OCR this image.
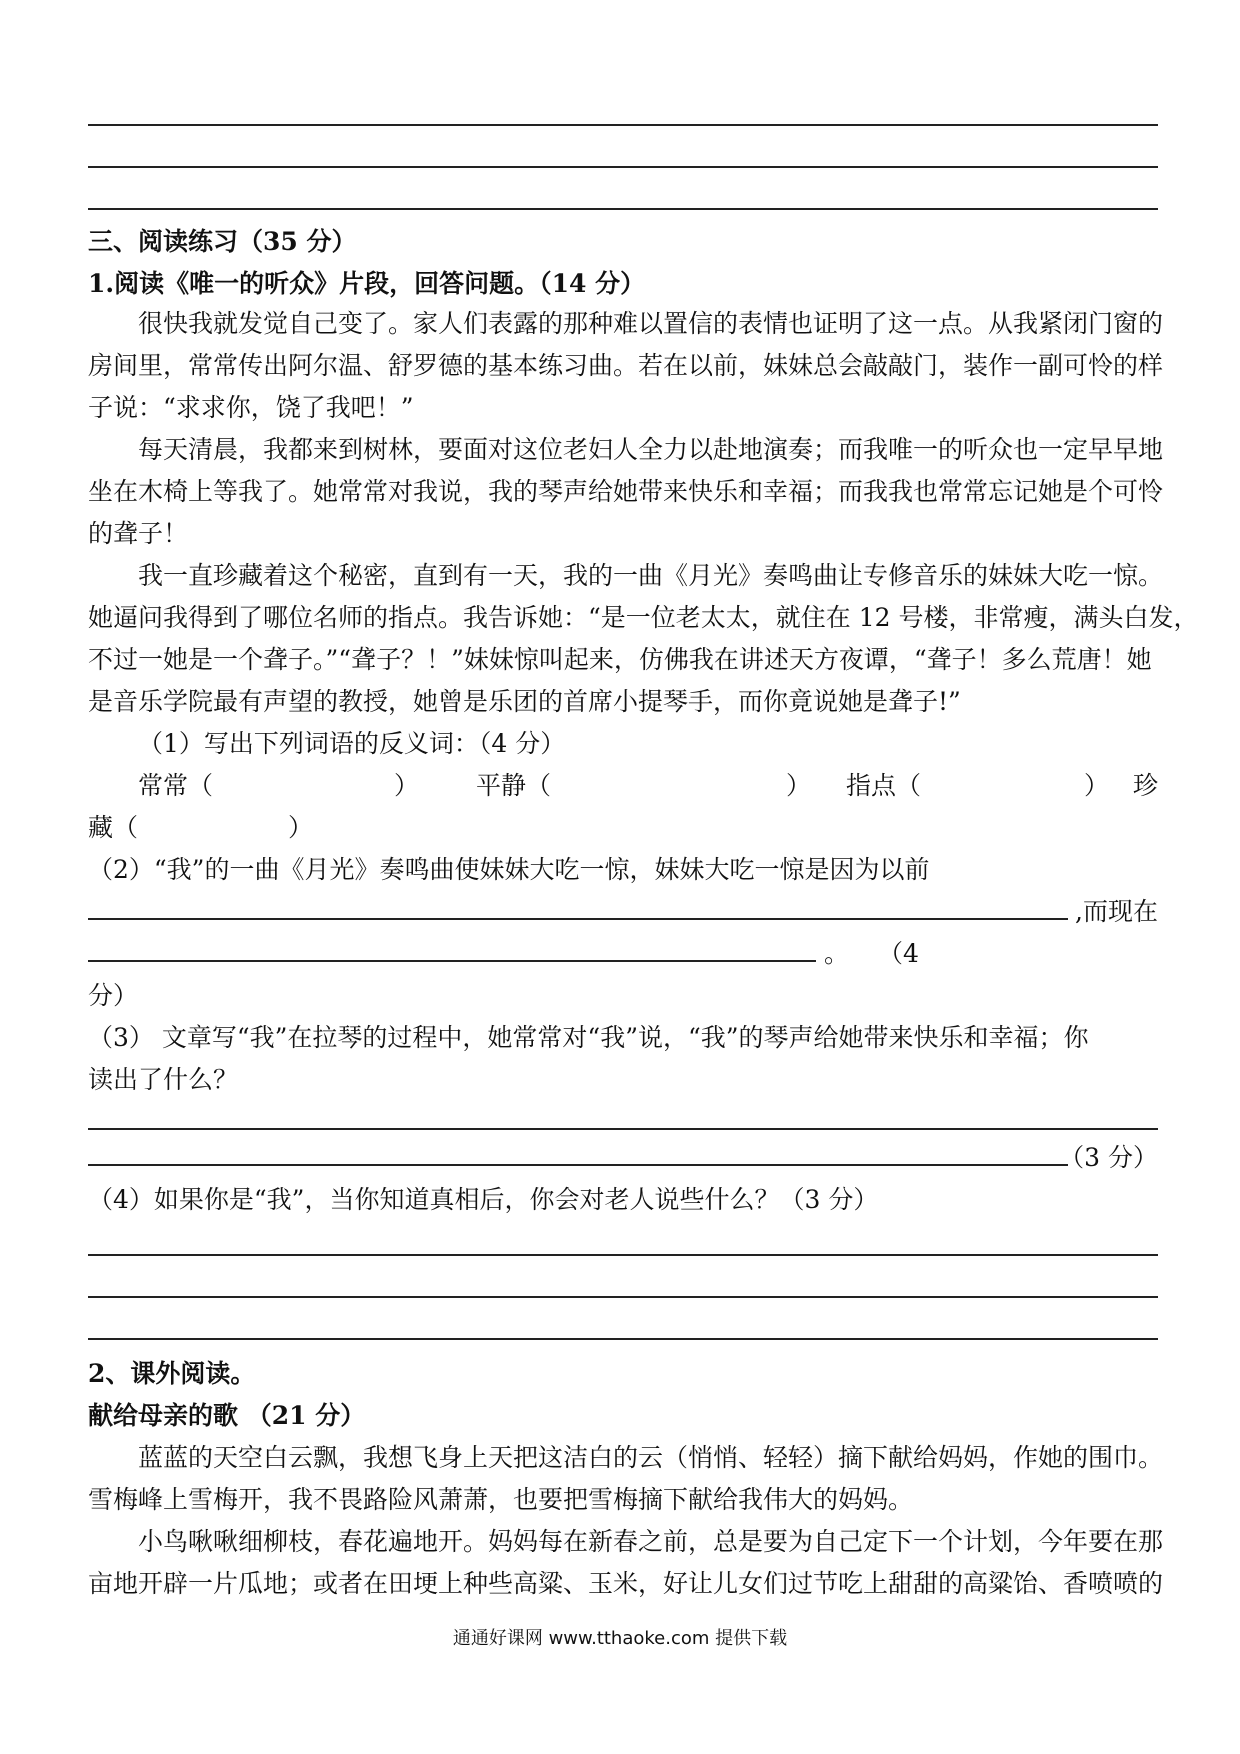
三、阅读练习（35 分）
1.阅读《唯一的听众》片段，回答问题。（14 分）
很快我就发觉自己变了。家人们表露的那种难以置信的表情也证明了这一点。从我紧闭门窗的
房间里，常常传出阿尔温、舒罗德的基本练习曲。若在以前，妹妹总会敲敲门，装作一副可怜的样
子说：“求求你，饶了我吧！”
每天清晨，我都来到树林，要面对这位老妇人全力以赴地演奏；而我唯一的听众也一定早早地
坐在木椅上等我了。她常常对我说，我的琴声给她带来快乐和幸福；而我我也常常忘记她是个可怜
的聋子！
我一直珍藏着这个秘密，直到有一天，我的一曲《月光》奏鸣曲让专修音乐的妹妹大吃一惊。
她逼问我得到了哪位名师的指点。我告诉她：“是一位老太太，就住在 12 号楼，非常瘦，满头白发，
不过一她是一个聋子。”“聋子？！”妹妹惊叫起来，仿佛我在讲述天方夜谭，“聋子！多么荒唐！她
是音乐学院最有声望的教授，她曾是乐团的首席小提琴手，而你竟说她是聋子!”
（1）写出下列词语的反义词：（4 分）
常常（	） 平静（	） 指点（	） 珍
藏（	）
（2）“我”的一曲《月光》奏鸣曲使妹妹大吃一惊，妹妹大吃一惊是因为以前
,而现在
。 （4
分）
（3） 文章写“我”在拉琴的过程中，她常常对“我”说，“我”的琴声给她带来快乐和幸福；你
读出了什么？
（3 分）
（4）如果你是“我”，当你知道真相后，你会对老人说些什么？（3 分）
2、课外阅读。
献给母亲的歌 （21 分）
蓝蓝的天空白云飘，我想飞身上天把这洁白的云（悄悄、轻轻）摘下献给妈妈，作她的围巾。
雪梅峰上雪梅开，我不畏路险风萧萧，也要把雪梅摘下献给我伟大的妈妈。
小鸟啾啾细柳枝，春花遍地开。妈妈每在新春之前，总是要为自己定下一个计划，今年要在那
亩地开辟一片瓜地；或者在田埂上种些高粱、玉米，好让儿女们过节吃上甜甜的高粱饴、香喷喷的
通通好课网 www.tthaoke.com 提供下载
